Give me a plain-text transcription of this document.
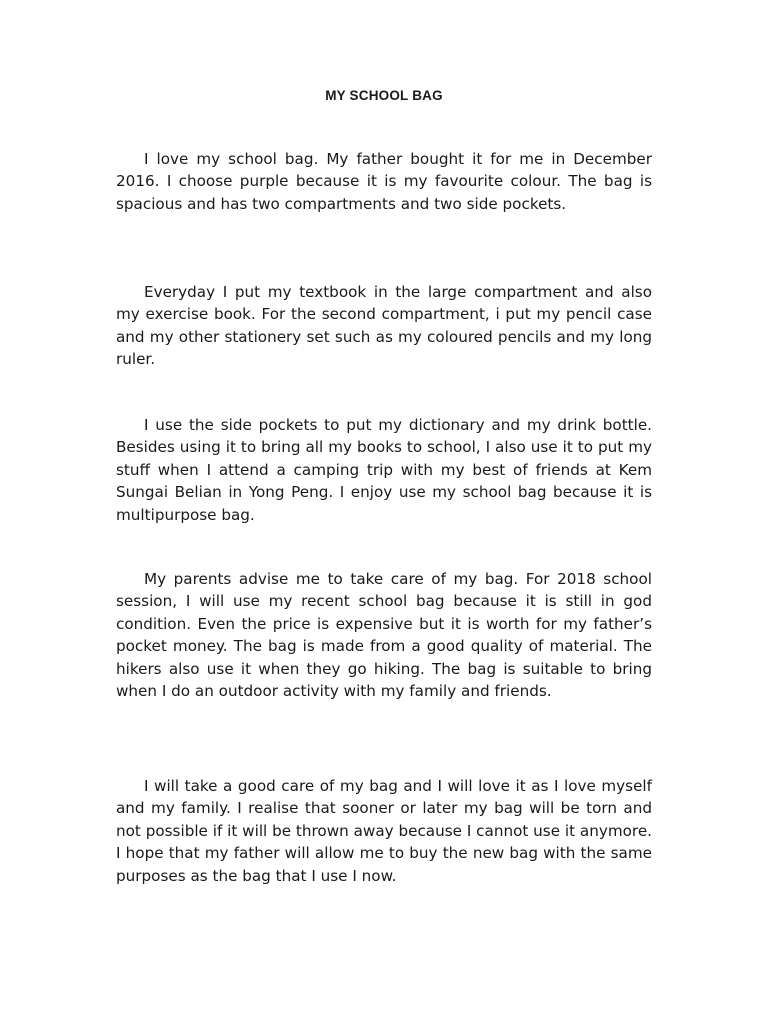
MY SCHOOL BAG

I love my school bag. My father bought it for me in December 2016. I choose purple because it is my favourite colour. The bag is spacious and has two compartments and two side pockets.

Everyday I put my textbook in the large compartment and also my exercise book. For the second compartment, i put my pencil case and my other stationery set such as my coloured pencils and my long ruler.

I use the side pockets to put my dictionary and my drink bottle. Besides using it to bring all my books to school, I also use it to put my stuff when I attend a camping trip with my best of friends at Kem Sungai Belian in Yong Peng. I enjoy use my school bag because it is multipurpose bag.

My parents advise me to take care of my bag. For 2018 school session, I will use my recent school bag because it is still in god condition. Even the price is expensive but it is worth for my father’s pocket money. The bag is made from a good quality of material. The hikers also use it when they go hiking. The bag is suitable to bring when I do an outdoor activity with my family and friends.

I will take a good care of my bag and I will love it as I love myself and my family. I realise that sooner or later my bag will be torn and not possible if it will be thrown away because I cannot use it anymore. I hope that my father will allow me to buy the new bag with the same purposes as the bag that I use I now.
